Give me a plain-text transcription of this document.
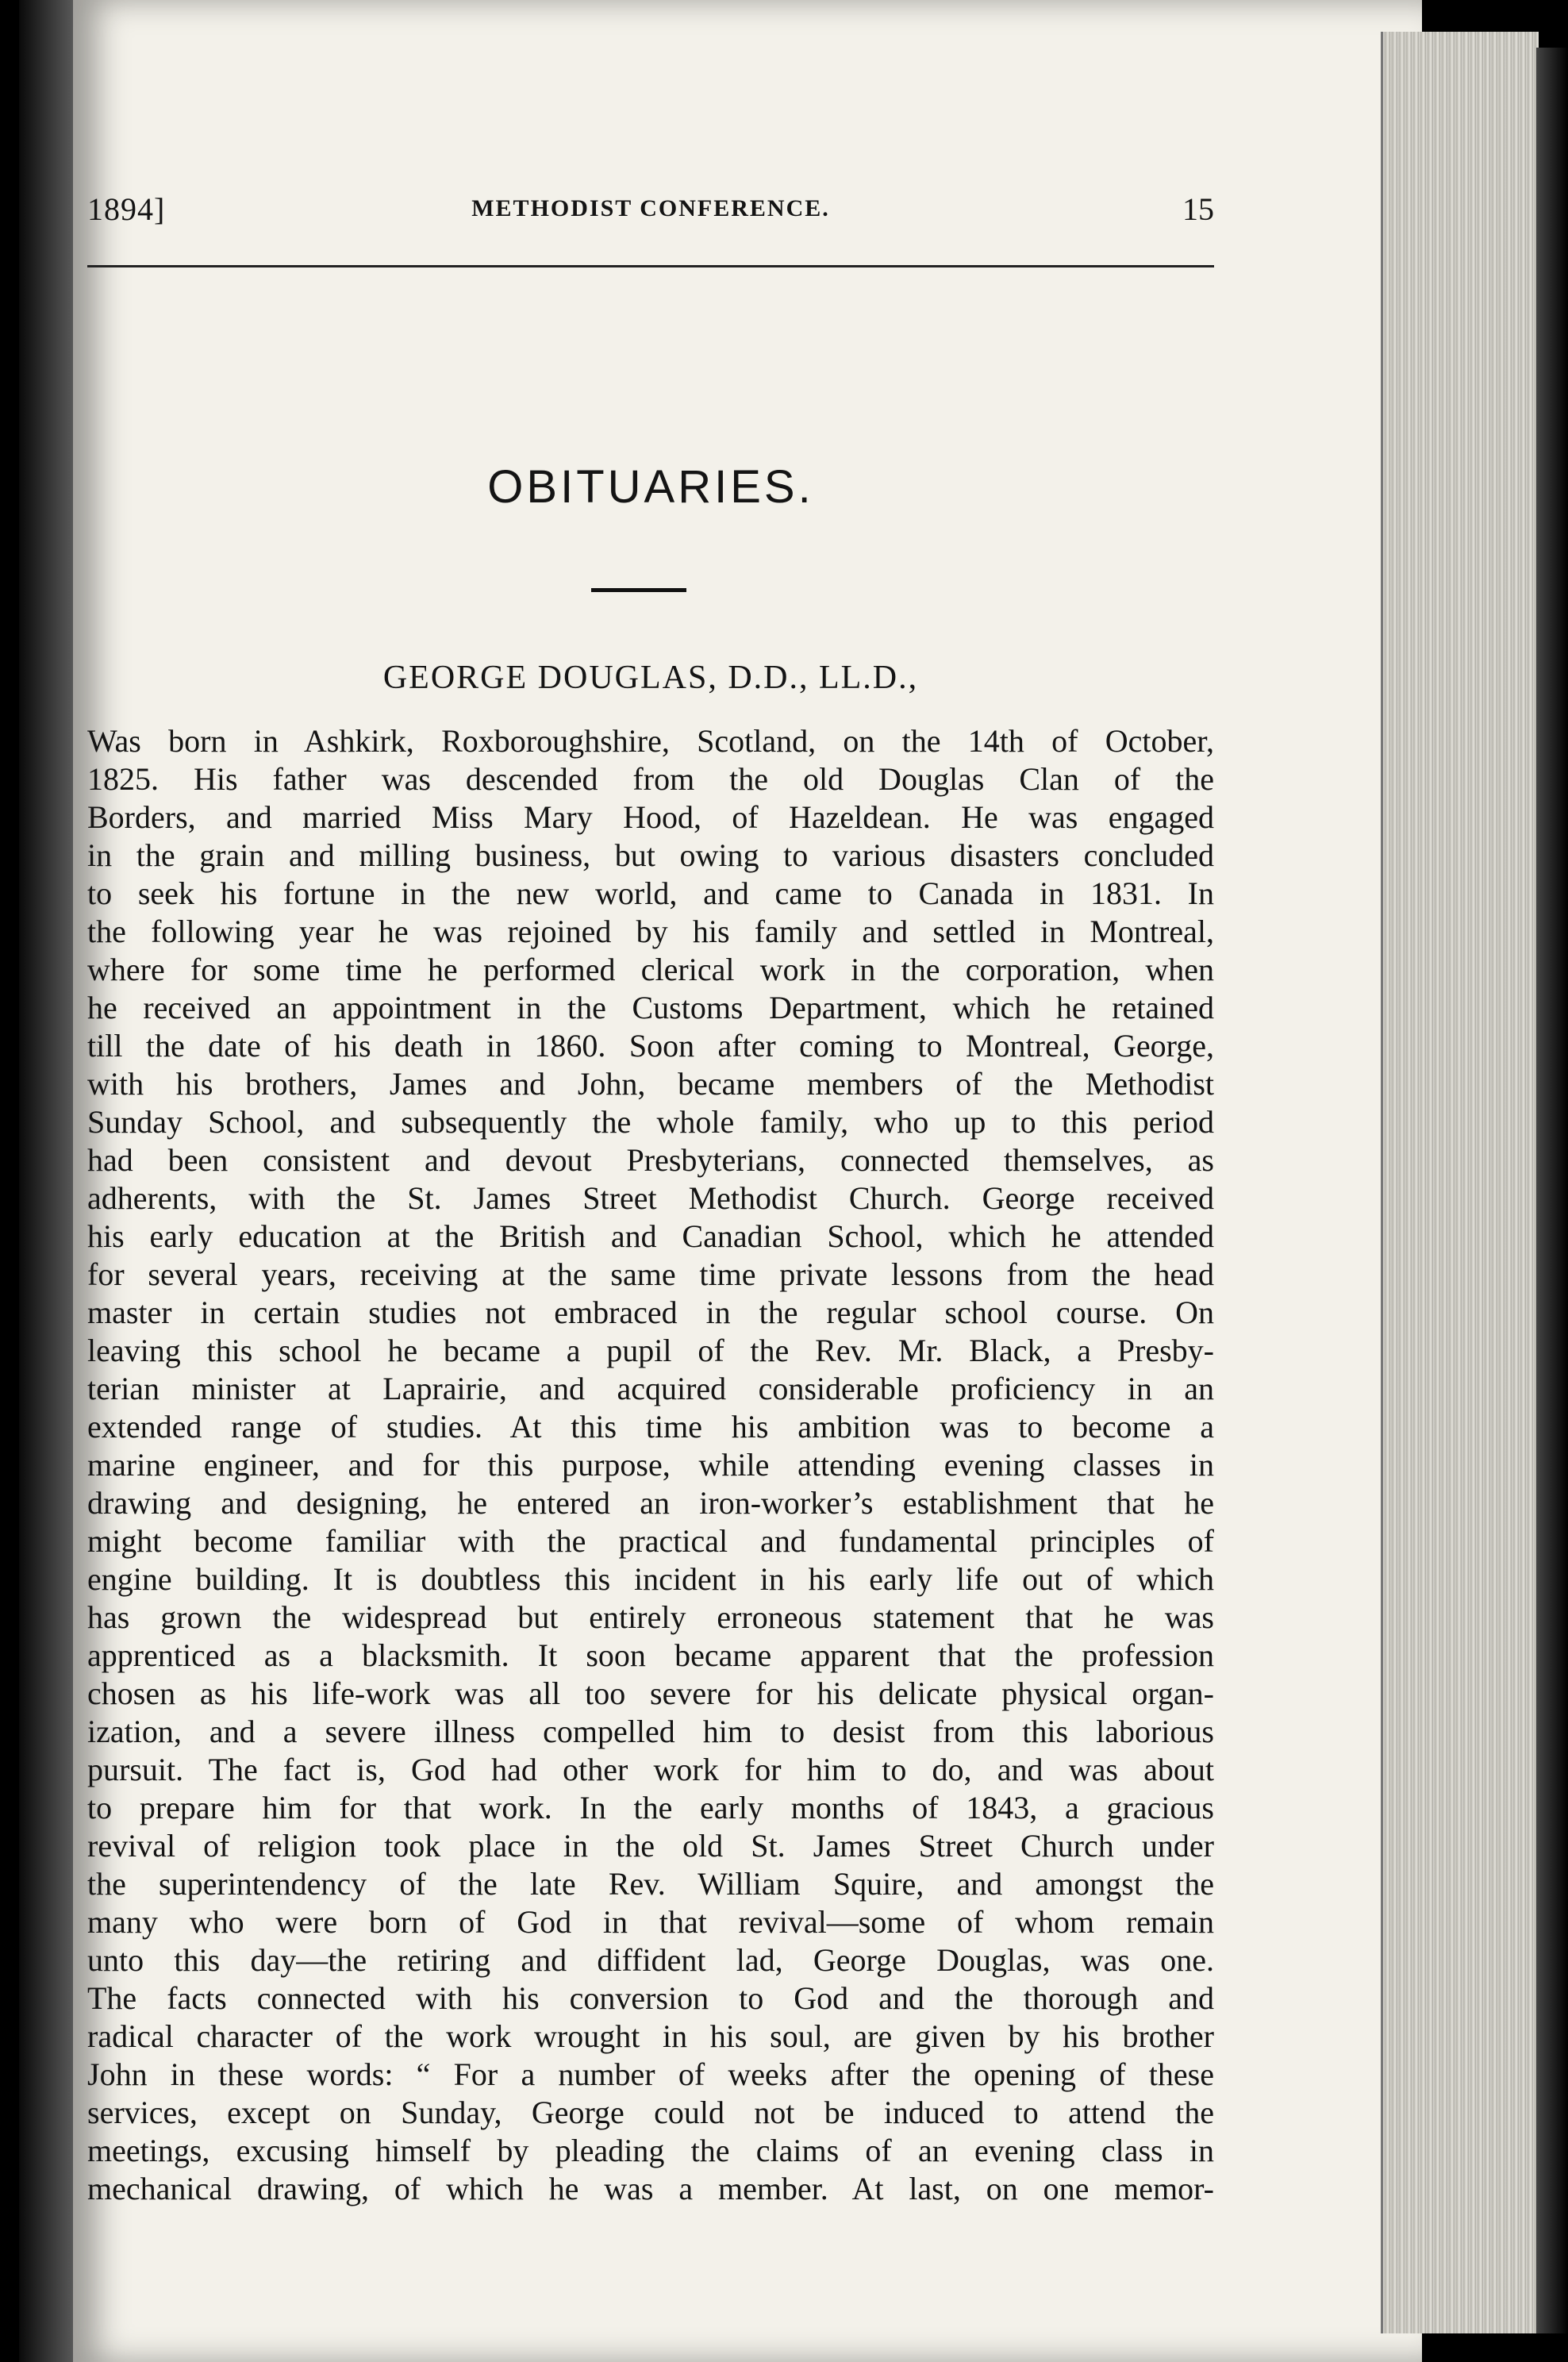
1894]	METHODIST CONFERENCE.	15
OBITUARIES.
GEORGE DOUGLAS, D.D., LL.D.,
Was born in Ashkirk, Roxboroughshire, Scotland, on the 14th of October,
1825. His father was descended from the old Douglas Clan of the
Borders, and married Miss Mary Hood, of Hazeldean. He was engaged
in the grain and milling business, but owing to various disasters concluded
to seek his fortune in the new world, and came to Canada in 1831. In
the following year he was rejoined by his family and settled in Montreal,
where for some time he performed clerical work in the corporation, when
he received an appointment in the Customs Department, which he retained
till the date of his death in 1860. Soon after coming to Montreal, George,
with his brothers, James and John, became members of the Methodist
Sunday School, and subsequently the whole family, who up to this period
had been consistent and devout Presbyterians, connected themselves, as
adherents, with the St. James Street Methodist Church. George received
his early education at the British and Canadian School, which he attended
for several years, receiving at the same time private lessons from the head
master in certain studies not embraced in the regular school course. On
leaving this school he became a pupil of the Rev. Mr. Black, a Presby-
terian minister at Laprairie, and acquired considerable proficiency in an
extended range of studies. At this time his ambition was to become a
marine engineer, and for this purpose, while attending evening classes in
drawing and designing, he entered an iron-worker’s establishment that he
might become familiar with the practical and fundamental principles of
engine building. It is doubtless this incident in his early life out of which
has grown the widespread but entirely erroneous statement that he was
apprenticed as a blacksmith. It soon became apparent that the profession
chosen as his life-work was all too severe for his delicate physical organ-
ization, and a severe illness compelled him to desist from this laborious
pursuit. The fact is, God had other work for him to do, and was about
to prepare him for that work. In the early months of 1843, a gracious
revival of religion took place in the old St. James Street Church under
the superintendency of the late Rev. William Squire, and amongst the
many who were born of God in that revival—some of whom remain
unto this day—the retiring and diffident lad, George Douglas, was one.
The facts connected with his conversion to God and the thorough and
radical character of the work wrought in his soul, are given by his brother
John in these words: “ For a number of weeks after the opening of these
services, except on Sunday, George could not be induced to attend the
meetings, excusing himself by pleading the claims of an evening class in
mechanical drawing, of which he was a member. At last, on one memor-
